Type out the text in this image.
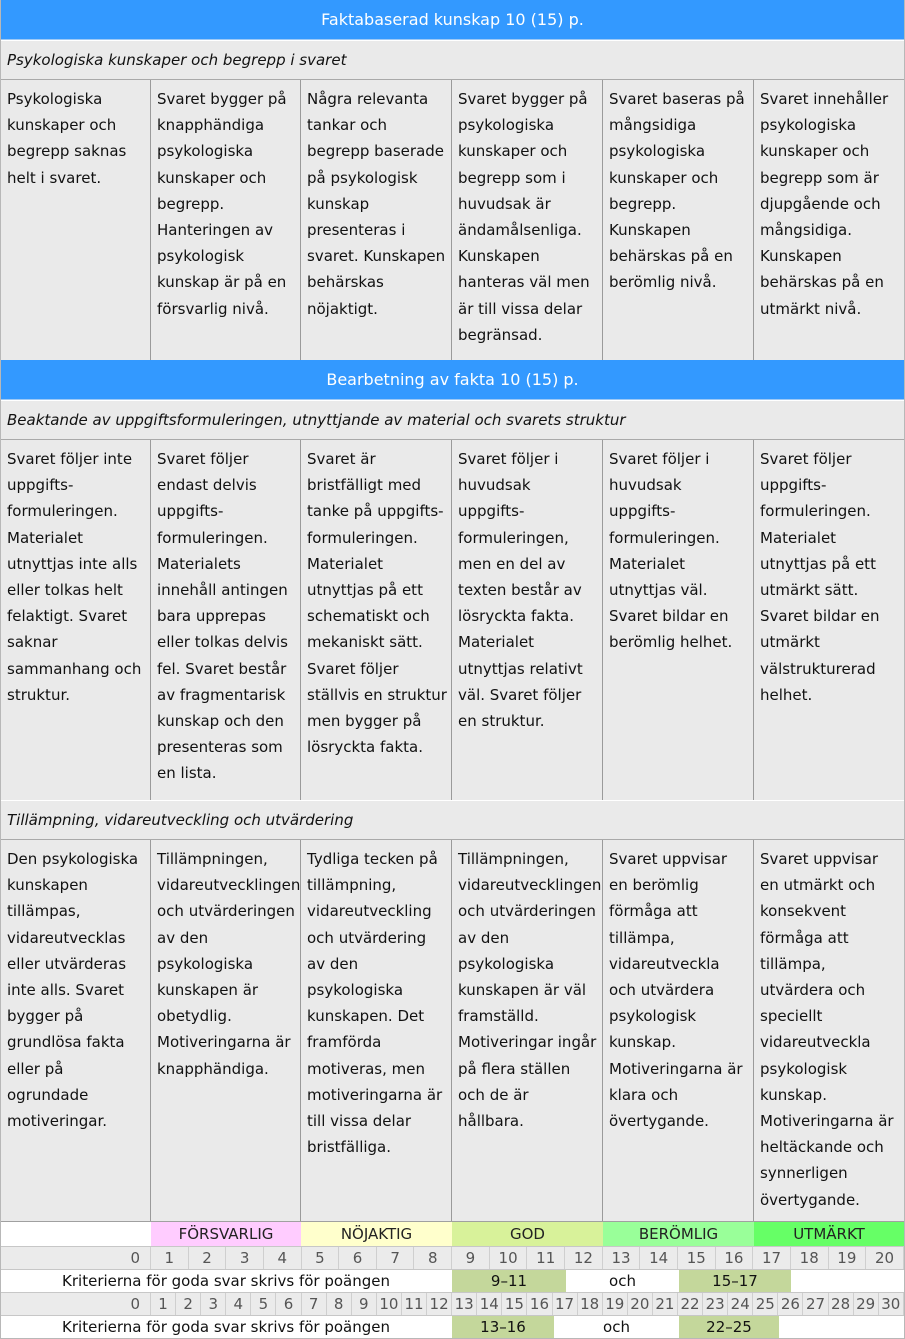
Faktabaserad kunskap 10 (15) p.
Psykologiska kunskaper och begrepp i svaret
Psykologiska kunskaper och begrepp saknas helt i svaret.
Svaret bygger på knapphändiga psykologiska kunskaper och begrepp. Hanteringen av psykologisk kunskap är på en försvarlig nivå.
Några relevanta tankar och begrepp baserade på psykologisk kunskap presenteras i svaret. Kunskapen behärskas nöjaktigt.
Svaret bygger på psykologiska kunskaper och begrepp som i huvudsak är ändamålsenliga. Kunskapen hanteras väl men är till vissa delar begränsad.
Svaret baseras på mångsidiga psykologiska kunskaper och begrepp. Kunskapen behärskas på en berömlig nivå.
Svaret innehåller psykologiska kunskaper och begrepp som är djupgående och mångsidiga. Kunskapen behärskas på en utmärkt nivå.
Bearbetning av fakta 10 (15) p.
Beaktande av uppgiftsformuleringen, utnyttjande av material och svarets struktur
Svaret följer inte uppgifts-formuleringen. Materialet utnyttjas inte alls eller tolkas helt felaktigt. Svaret saknar sammanhang och struktur.
Svaret följer endast delvis uppgifts-formuleringen. Materialets innehåll antingen bara upprepas eller tolkas delvis fel. Svaret består av fragmentarisk kunskap och den presenteras som en lista.
Svaret är bristfälligt med tanke på uppgifts-formuleringen. Materialet utnyttjas på ett schematiskt och mekaniskt sätt. Svaret följer ställvis en struktur men bygger på lösryckta fakta.
Svaret följer i huvudsak uppgifts-formuleringen, men en del av texten består av lösryckta fakta. Materialet utnyttjas relativt väl. Svaret följer en struktur.
Svaret följer i huvudsak uppgifts-formuleringen. Materialet utnyttjas väl. Svaret bildar en berömlig helhet.
Svaret följer uppgifts-formuleringen. Materialet utnyttjas på ett utmärkt sätt. Svaret bildar en utmärkt välstrukturerad helhet.
Tillämpning, vidareutveckling och utvärdering
Den psykologiska kunskapen tillämpas, vidareutvecklas eller utvärderas inte alls. Svaret bygger på grundlösa fakta eller på ogrundade motiveringar.
Tillämpningen, vidareutvecklingen och utvärderingen av den psykologiska kunskapen är obetydlig. Motiveringarna är knapphändiga.
Tydliga tecken på tillämpning, vidareutveckling och utvärdering av den psykologiska kunskapen. Det framförda motiveras, men motiveringarna är till vissa delar bristfälliga.
Tillämpningen, vidareutvecklingen och utvärderingen av den psykologiska kunskapen är väl framställd. Motiveringar ingår på flera ställen och de är hållbara.
Svaret uppvisar en berömlig förmåga att tillämpa, vidareutveckla och utvärdera psykologisk kunskap. Motiveringarna är klara och övertygande.
Svaret uppvisar en utmärkt och konsekvent förmåga att tillämpa, utvärdera och speciellt vidareutveckla psykologisk kunskap. Motiveringarna är heltäckande och synnerligen övertygande.
FÖRSVARLIG	NÖJAKTIG	GOD	BERÖMLIG	UTMÄRKT
0	1	2	3	4	5	6	7	8	9	10	11	12	13	14	15	16	17	18	19	20
Kriterierna för goda svar skrivs för poängen	9–11	och	15–17
0	1	2	3	4	5	6	7	8	9 10 11 12 13 14 15 16 17 18 19 20 21 22 23 24 25 26 27 28 29 30
Kriterierna för goda svar skrivs för poängen	13–16	och	22–25
